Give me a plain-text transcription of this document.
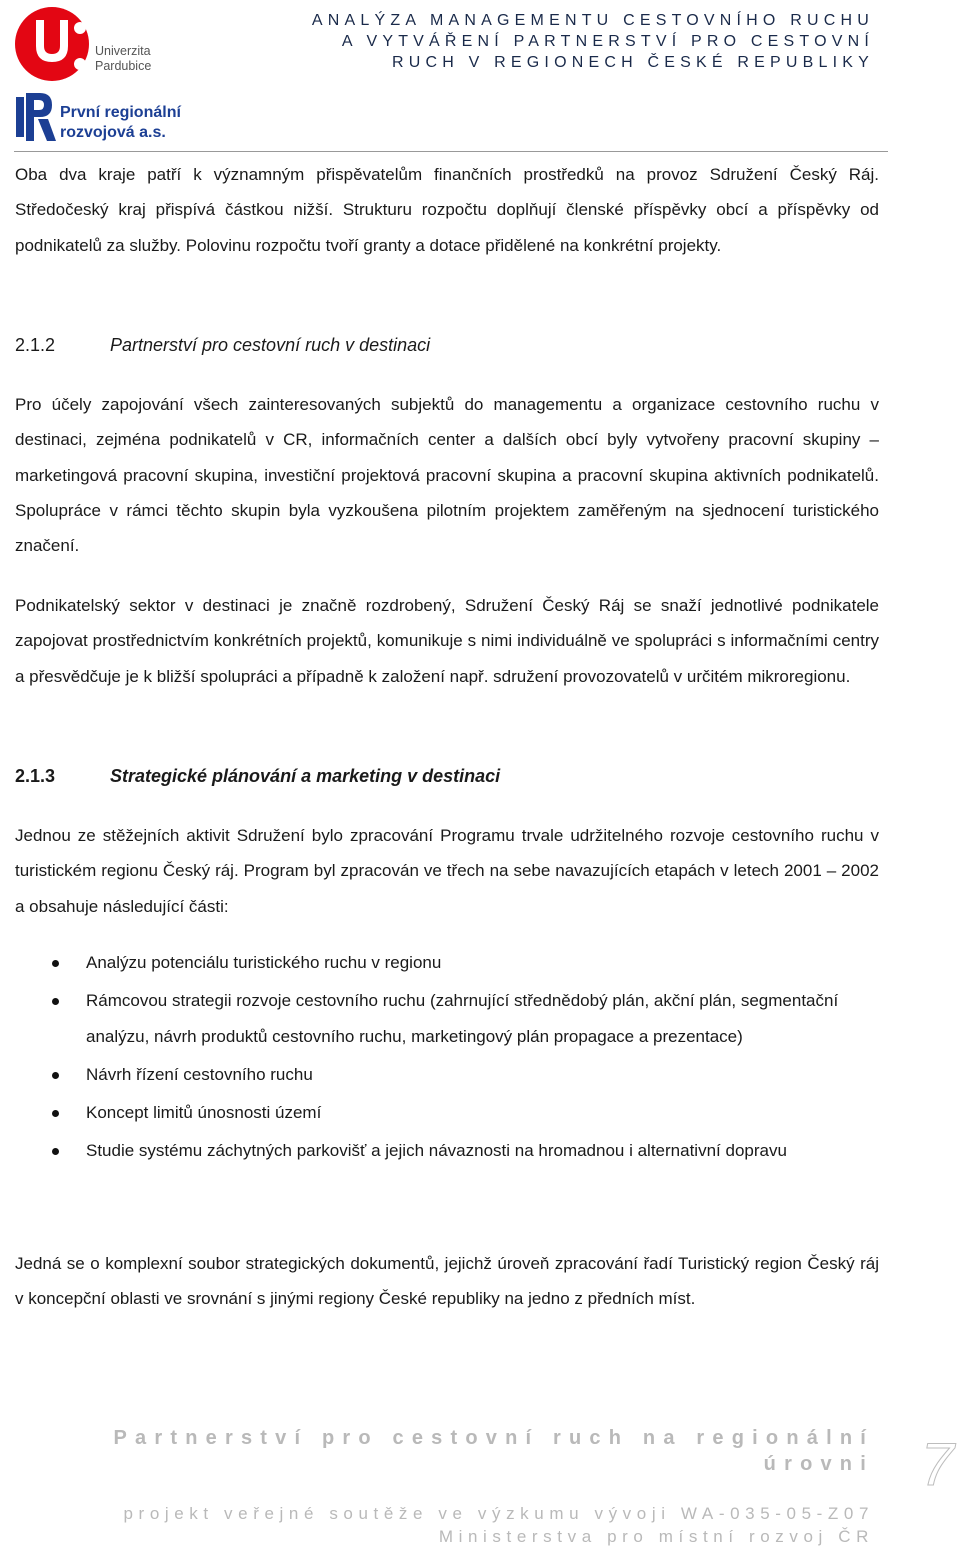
ANALÝZA MANAGEMENTU CESTOVNÍHO RUCHU
A VYTVÁŘENÍ PARTNERSTVÍ PRO CESTOVNÍ
RUCH V REGIONECH ČESKÉ REPUBLIKY
Univerzita
Pardubice
První regionální
rozvojová a.s.

Oba dva kraje patří k významným přispěvatelům finančních prostředků na provoz Sdružení Český Ráj. Středočeský kraj přispívá částkou nižší. Strukturu rozpočtu doplňují členské příspěvky obcí a příspěvky od podnikatelů za služby. Polovinu rozpočtu tvoří granty a dotace přidělené na konkrétní projekty.

2.1.2	Partnerství pro cestovní ruch v destinaci

Pro účely zapojování všech zainteresovaných subjektů do managementu a organizace cestovního ruchu v destinaci, zejména podnikatelů v CR, informačních center a dalších obcí byly vytvořeny pracovní skupiny – marketingová pracovní skupina, investiční projektová pracovní skupina a pracovní skupina aktivních podnikatelů. Spolupráce v rámci těchto skupin byla vyzkoušena pilotním projektem zaměřeným na sjednocení turistického značení.

Podnikatelský sektor v destinaci je značně rozdrobený, Sdružení Český Ráj se snaží jednotlivé podnikatele zapojovat prostřednictvím konkrétních projektů, komunikuje s nimi individuálně ve spolupráci s informačními centry a přesvědčuje je k bližší spolupráci a případně k založení např. sdružení provozovatelů v určitém mikroregionu.

2.1.3	Strategické plánování a marketing v destinaci

Jednou ze stěžejních aktivit Sdružení bylo zpracování Programu trvale udržitelného rozvoje cestovního ruchu v turistickém regionu Český ráj. Program byl zpracován ve třech na sebe navazujících etapách v letech 2001 – 2002 a obsahuje následující části:

Analýzu potenciálu turistického ruchu v regionu
Rámcovou strategii rozvoje cestovního ruchu (zahrnující střednědobý plán, akční plán, segmentační analýzu, návrh produktů cestovního ruchu, marketingový plán propagace a prezentace)
Návrh řízení cestovního ruchu
Koncept limitů únosnosti území
Studie systému záchytných parkovišť a jejich návaznosti na hromadnou i alternativní dopravu

Jedná se o komplexní soubor strategických dokumentů, jejichž úroveň zpracování řadí Turistický region Český ráj v koncepční oblasti ve srovnání s jinými regiony České republiky na jedno z předních míst.

Partnerství pro cestovní ruch na regionální
úrovni
projekt veřejné soutěže ve výzkumu vývoji WA-035-05-Z07
Ministerstva pro místní rozvoj ČR
7
